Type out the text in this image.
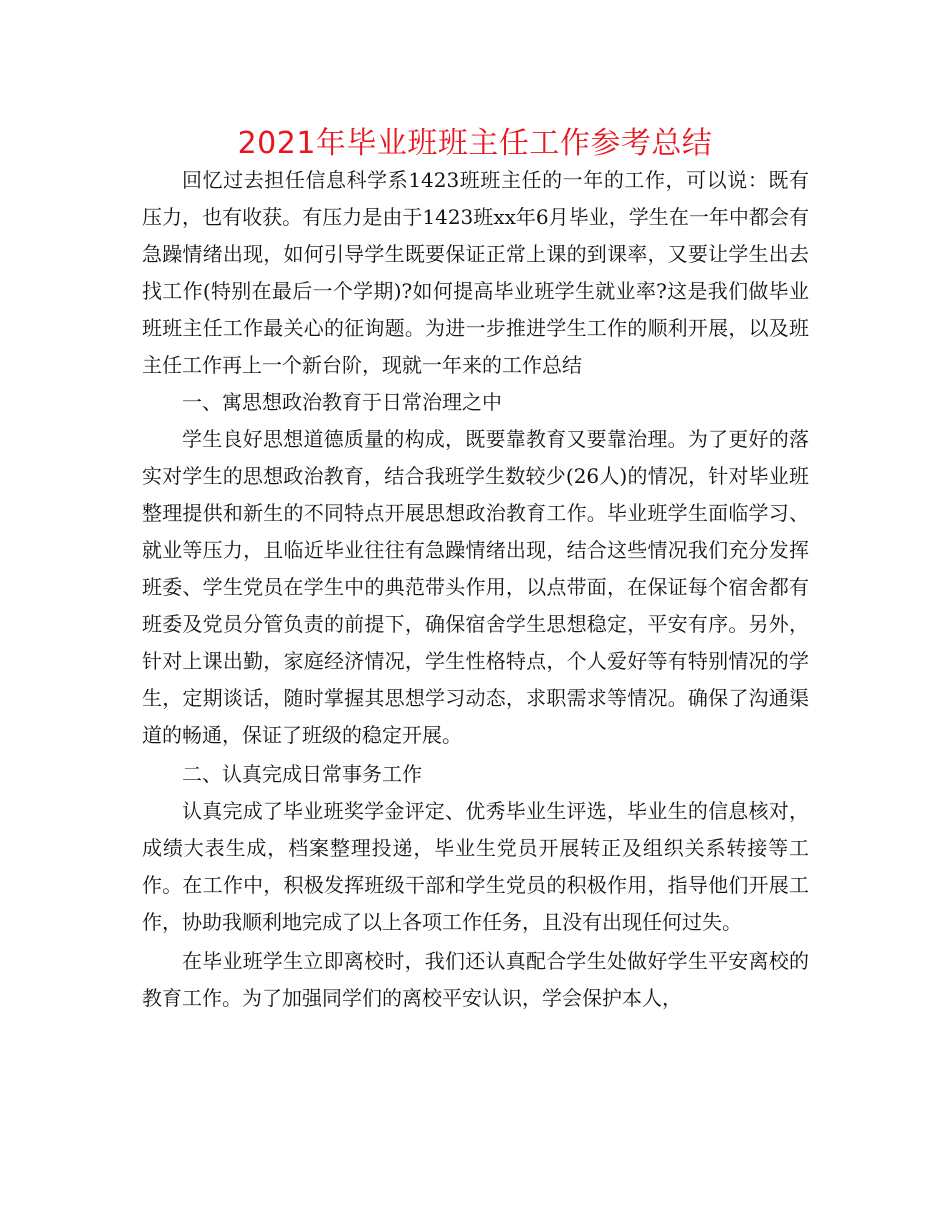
2021年毕业班班主任工作参考总结

回忆过去担任信息科学系1423班班主任的一年的工作，可以说：既有压力，也有收获。有压力是由于1423班xx年6月毕业，学生在一年中都会有急躁情绪出现，如何引导学生既要保证正常上课的到课率，又要让学生出去找工作(特别在最后一个学期)?如何提高毕业班学生就业率?这是我们做毕业班班主任工作最关心的征询题。为进一步推进学生工作的顺利开展，以及班主任工作再上一个新台阶，现就一年来的工作总结

一、寓思想政治教育于日常治理之中

学生良好思想道德质量的构成，既要靠教育又要靠治理。为了更好的落实对学生的思想政治教育，结合我班学生数较少(26人)的情况，针对毕业班整理提供和新生的不同特点开展思想政治教育工作。毕业班学生面临学习、就业等压力，且临近毕业往往有急躁情绪出现，结合这些情况我们充分发挥班委、学生党员在学生中的典范带头作用，以点带面，在保证每个宿舍都有班委及党员分管负责的前提下，确保宿舍学生思想稳定，平安有序。另外，针对上课出勤，家庭经济情况，学生性格特点，个人爱好等有特别情况的学生，定期谈话，随时掌握其思想学习动态，求职需求等情况。确保了沟通渠道的畅通，保证了班级的稳定开展。

二、认真完成日常事务工作

认真完成了毕业班奖学金评定、优秀毕业生评选，毕业生的信息核对，成绩大表生成，档案整理投递，毕业生党员开展转正及组织关系转接等工作。在工作中，积极发挥班级干部和学生党员的积极作用，指导他们开展工作，协助我顺利地完成了以上各项工作任务，且没有出现任何过失。

在毕业班学生立即离校时，我们还认真配合学生处做好学生平安离校的教育工作。为了加强同学们的离校平安认识，学会保护本人，
